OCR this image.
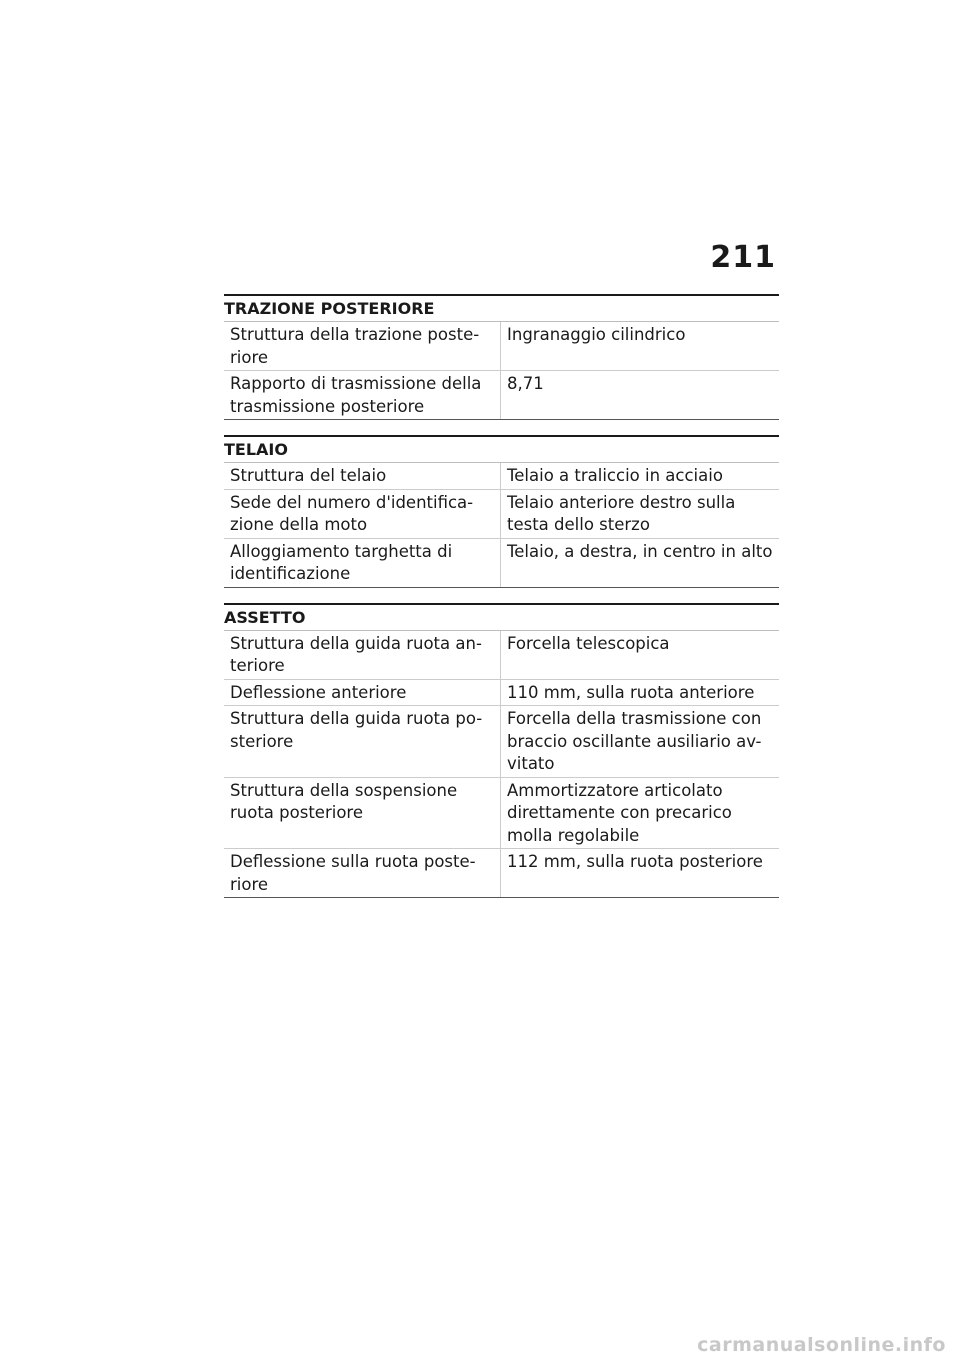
211
TRAZIONE POSTERIORE
Struttura della trazione poste- riore
Ingranaggio cilindrico
Rapporto di trasmissione della trasmissione posteriore
8,71
TELAIO
Struttura del telaio	Telaio a traliccio in acciaio
Sede del numero d'identifica- zione della moto
Telaio anteriore destro sulla testa dello sterzo
Alloggiamento targhetta di identificazione
Telaio, a destra, in centro in alto
ASSETTO
Struttura della guida ruota an- teriore
Forcella telescopica
Deflessione anteriore	110 mm, sulla ruota anteriore
Struttura della guida ruota po- steriore
Forcella della trasmissione con braccio oscillante ausiliario av- vitato
Struttura della sospensione ruota posteriore
Ammortizzatore articolato direttamente con precarico molla regolabile
Deflessione sulla ruota poste- riore
112 mm, sulla ruota posteriore
carmanualsonline.info
